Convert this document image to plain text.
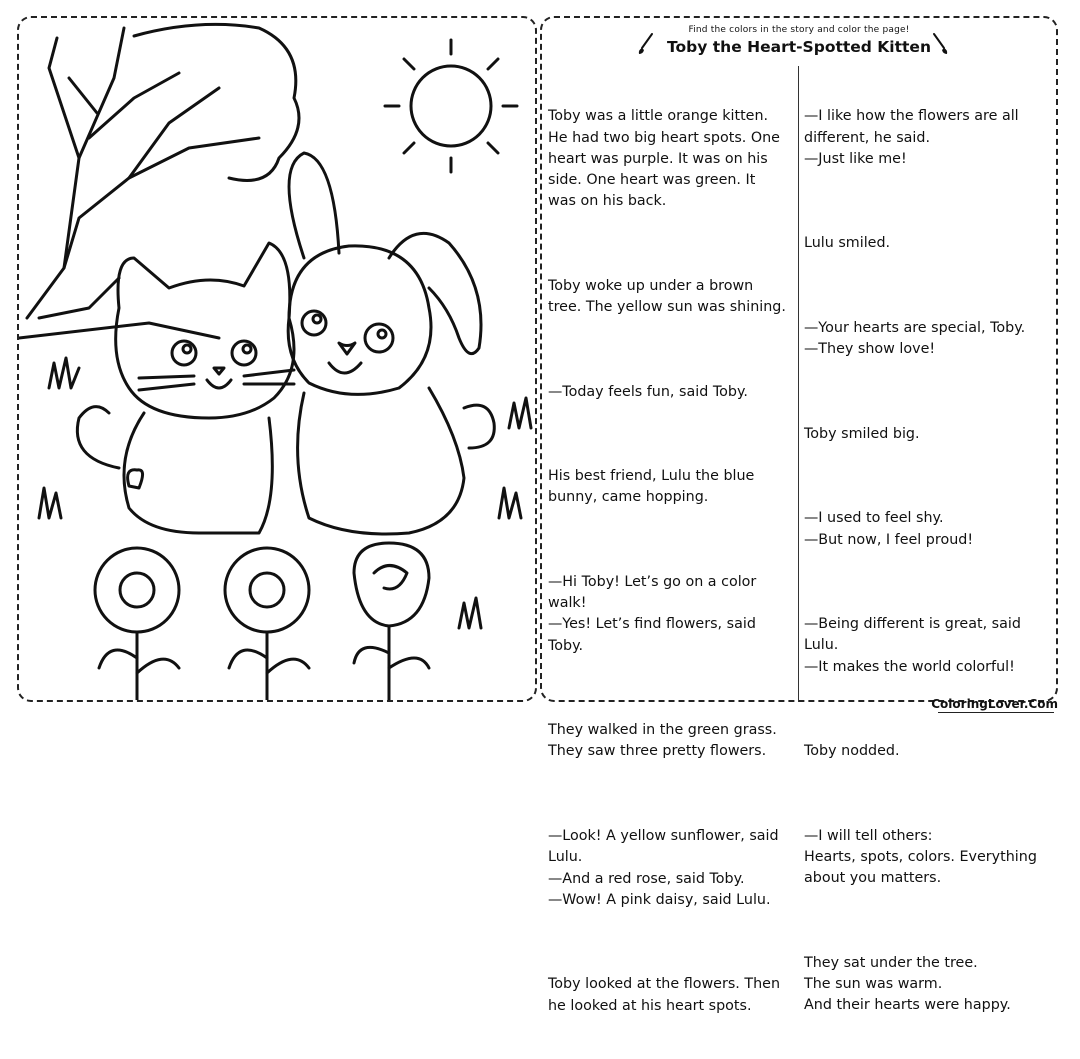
Find the colors in the story and color the page!
Toby the Heart-Spotted Kitten

Toby was a little orange kitten.
He had two big heart spots. One
heart was purple. It was on his
side. One heart was green. It
was on his back.

Toby woke up under a brown
tree. The yellow sun was shining.

—Today feels fun, said Toby.

His best friend, Lulu the blue
bunny, came hopping.

—Hi Toby! Let’s go on a color
walk!
—Yes! Let’s find flowers, said
Toby.

They walked in the green grass.
They saw three pretty flowers.

—Look! A yellow sunflower, said
Lulu.
—And a red rose, said Toby.
—Wow! A pink daisy, said Lulu.

Toby looked at the flowers. Then
he looked at his heart spots.

—I like how the flowers are all
different, he said.
—Just like me!

Lulu smiled.

—Your hearts are special, Toby.
—They show love!

Toby smiled big.

—I used to feel shy.
—But now, I feel proud!

—Being different is great, said
Lulu.
—It makes the world colorful!

Toby nodded.

—I will tell others:
Hearts, spots, colors. Everything
about you matters.

They sat under the tree.
The sun was warm.
And their hearts were happy.

ColoringLover.Com
